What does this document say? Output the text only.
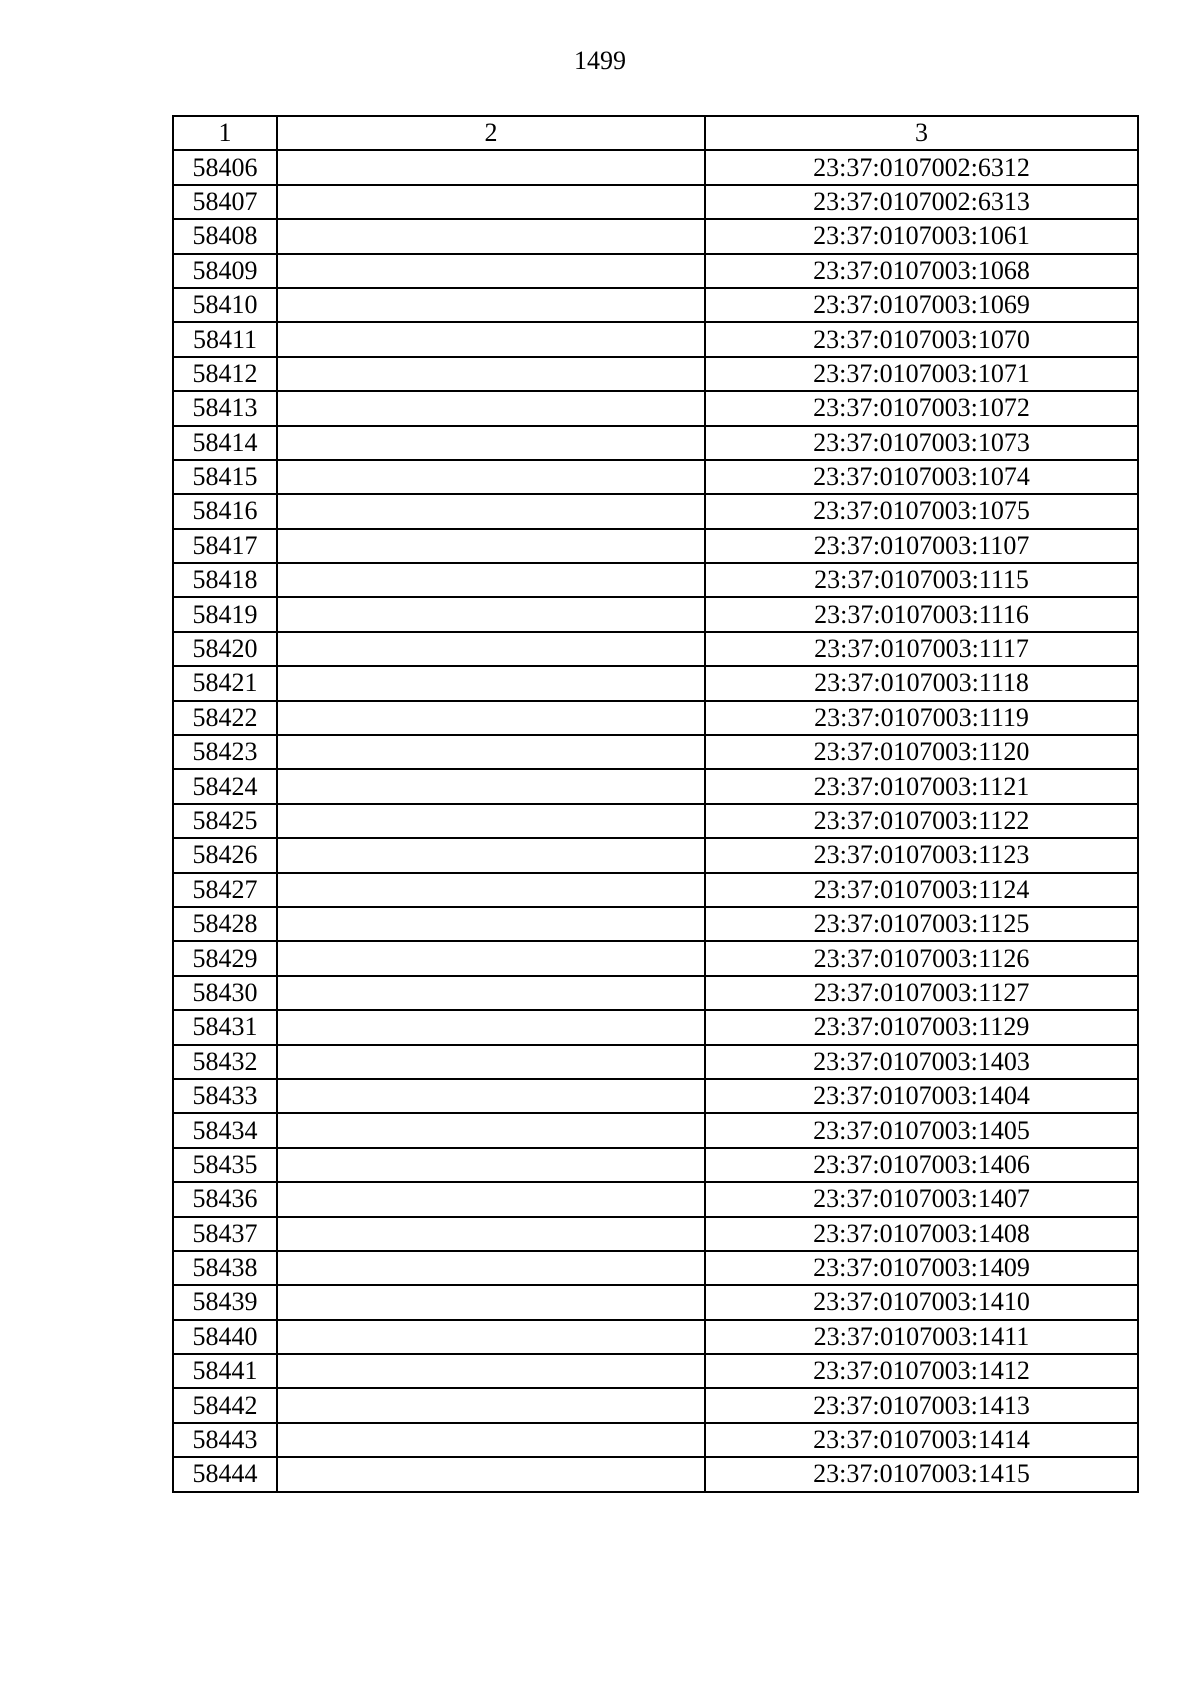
1499
1	2	3
58406		23:37:0107002:6312
58407		23:37:0107002:6313
58408		23:37:0107003:1061
58409		23:37:0107003:1068
58410		23:37:0107003:1069
58411		23:37:0107003:1070
58412		23:37:0107003:1071
58413		23:37:0107003:1072
58414		23:37:0107003:1073
58415		23:37:0107003:1074
58416		23:37:0107003:1075
58417		23:37:0107003:1107
58418		23:37:0107003:1115
58419		23:37:0107003:1116
58420		23:37:0107003:1117
58421		23:37:0107003:1118
58422		23:37:0107003:1119
58423		23:37:0107003:1120
58424		23:37:0107003:1121
58425		23:37:0107003:1122
58426		23:37:0107003:1123
58427		23:37:0107003:1124
58428		23:37:0107003:1125
58429		23:37:0107003:1126
58430		23:37:0107003:1127
58431		23:37:0107003:1129
58432		23:37:0107003:1403
58433		23:37:0107003:1404
58434		23:37:0107003:1405
58435		23:37:0107003:1406
58436		23:37:0107003:1407
58437		23:37:0107003:1408
58438		23:37:0107003:1409
58439		23:37:0107003:1410
58440		23:37:0107003:1411
58441		23:37:0107003:1412
58442		23:37:0107003:1413
58443		23:37:0107003:1414
58444		23:37:0107003:1415
